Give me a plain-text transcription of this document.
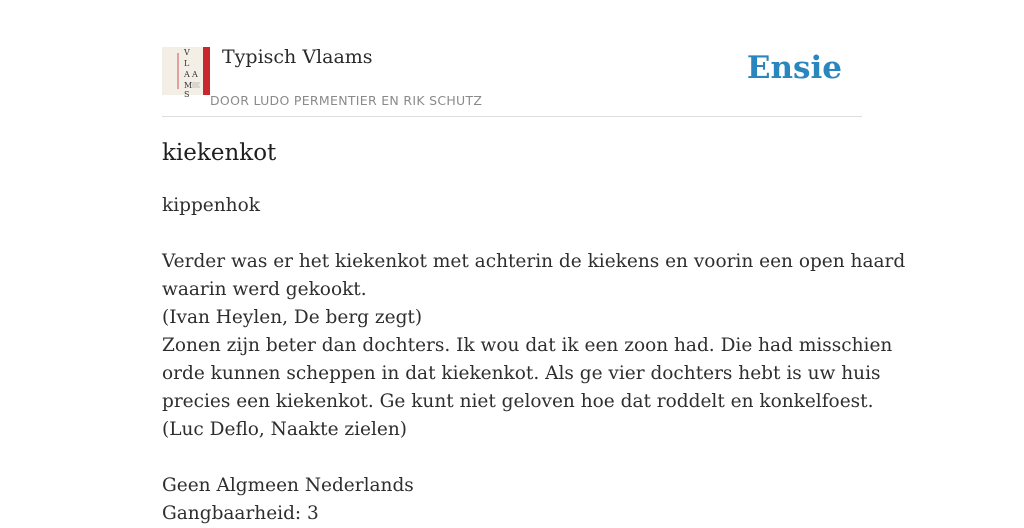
V
L
A A
M
S
Typisch Vlaams
DOOR LUDO PERMENTIER EN RIK SCHUTZ
Ensie
kiekenkot

kippenhok

Verder was er het kiekenkot met achterin de kiekens en voorin een open haard

waarin werd gekookt.

(Ivan Heylen, De berg zegt)

Zonen zijn beter dan dochters. Ik wou dat ik een zoon had. Die had misschien

orde kunnen scheppen in dat kiekenkot. Als ge vier dochters hebt is uw huis

precies een kiekenkot. Ge kunt niet geloven hoe dat roddelt en konkelfoest.

(Luc Deflo, Naakte zielen)

Geen Algmeen Nederlands

Gangbaarheid: 3
